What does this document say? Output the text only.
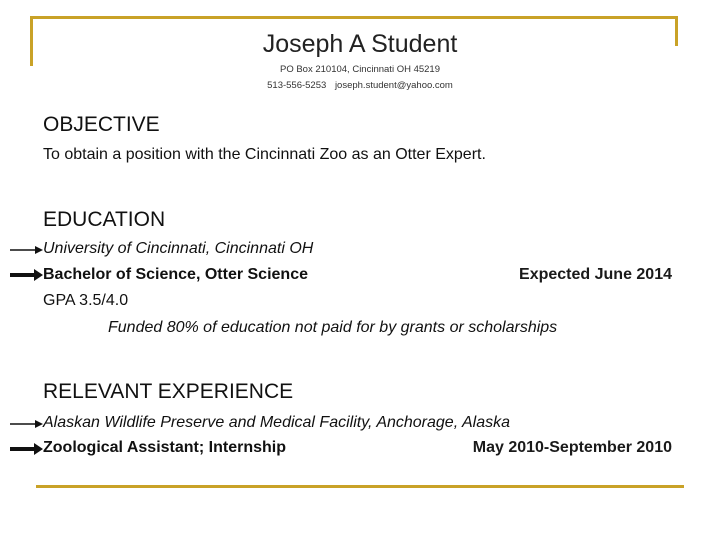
Joseph A Student
PO Box 210104, Cincinnati OH 45219
513-556-5253 joseph.student@yahoo.com
OBJECTIVE
To obtain a position with the Cincinnati Zoo as an Otter Expert.
EDUCATION
University of Cincinnati, Cincinnati OH
Bachelor of Science, Otter Science	Expected June 2014
GPA 3.5/4.0
Funded 80% of education not paid for by grants or scholarships
RELEVANT EXPERIENCE
Alaskan Wildlife Preserve and Medical Facility, Anchorage, Alaska
Zoological Assistant; Internship	May 2010-September 2010
